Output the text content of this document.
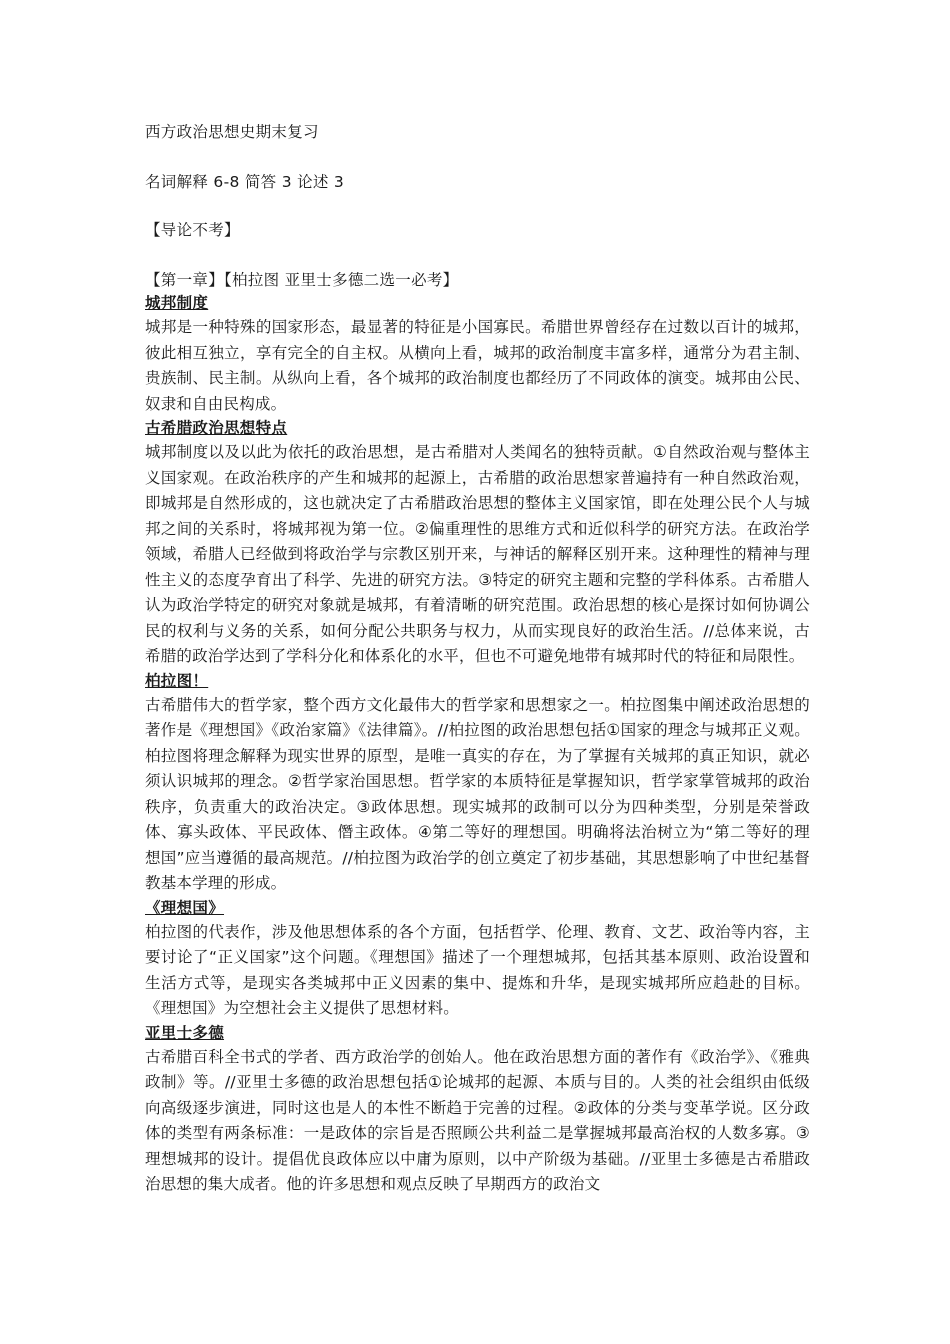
西方政治思想史期末复习
名词解释 6-8 简答 3 论述 3
【导论不考】
【第一章】【柏拉图 亚里士多德二选一必考】
城邦制度

城邦是一种特殊的国家形态，最显著的特征是小国寡民。希腊世界曾经存在过数以百计的城邦，彼此相互独立，享有完全的自主权。从横向上看，城邦的政治制度丰富多样，通常分为君主制、贵族制、民主制。从纵向上看，各个城邦的政治制度也都经历了不同政体的演变。城邦由公民、奴隶和自由民构成。

古希腊政治思想特点

城邦制度以及以此为依托的政治思想，是古希腊对人类闻名的独特贡献。①自然政治观与整体主义国家观。在政治秩序的产生和城邦的起源上，古希腊的政治思想家普遍持有一种自然政治观，即城邦是自然形成的，这也就决定了古希腊政治思想的整体主义国家馆，即在处理公民个人与城邦之间的关系时，将城邦视为第一位。②偏重理性的思维方式和近似科学的研究方法。在政治学领域，希腊人已经做到将政治学与宗教区别开来，与神话的解释区别开来。这种理性的精神与理性主义的态度孕育出了科学、先进的研究方法。③特定的研究主题和完整的学科体系。古希腊人认为政治学特定的研究对象就是城邦，有着清晰的研究范围。政治思想的核心是探讨如何协调公民的权利与义务的关系，如何分配公共职务与权力，从而实现良好的政治生活。//总体来说，古希腊的政治学达到了学科分化和体系化的水平，但也不可避免地带有城邦时代的特征和局限性。

柏拉图！

古希腊伟大的哲学家，整个西方文化最伟大的哲学家和思想家之一。柏拉图集中阐述政治思想的著作是《理想国》《政治家篇》《法律篇》。//柏拉图的政治思想包括①国家的理念与城邦正义观。柏拉图将理念解释为现实世界的原型，是唯一真实的存在，为了掌握有关城邦的真正知识，就必须认识城邦的理念。②哲学家治国思想。哲学家的本质特征是掌握知识，哲学家掌管城邦的政治秩序，负责重大的政治决定。③政体思想。现实城邦的政制可以分为四种类型，分别是荣誉政体、寡头政体、平民政体、僭主政体。④第二等好的理想国。明确将法治树立为“第二等好的理想国”应当遵循的最高规范。//柏拉图为政治学的创立奠定了初步基础，其思想影响了中世纪基督教基本学理的形成。

《理想国》

柏拉图的代表作，涉及他思想体系的各个方面，包括哲学、伦理、教育、文艺、政治等内容，主要讨论了“正义国家”这个问题。《理想国》描述了一个理想城邦，包括其基本原则、政治设置和生活方式等，是现实各类城邦中正义因素的集中、提炼和升华，是现实城邦所应趋赴的目标。《理想国》为空想社会主义提供了思想材料。

亚里士多德

古希腊百科全书式的学者、西方政治学的创始人。他在政治思想方面的著作有《政治学》、《雅典政制》等。//亚里士多德的政治思想包括①论城邦的起源、本质与目的。人类的社会组织由低级向高级逐步演进，同时这也是人的本性不断趋于完善的过程。②政体的分类与变革学说。区分政体的类型有两条标准：一是政体的宗旨是否照顾公共利益二是掌握城邦最高治权的人数多寡。③理想城邦的设计。提倡优良政体应以中庸为原则，以中产阶级为基础。//亚里士多德是古希腊政治思想的集大成者。他的许多思想和观点反映了早期西方的政治文
